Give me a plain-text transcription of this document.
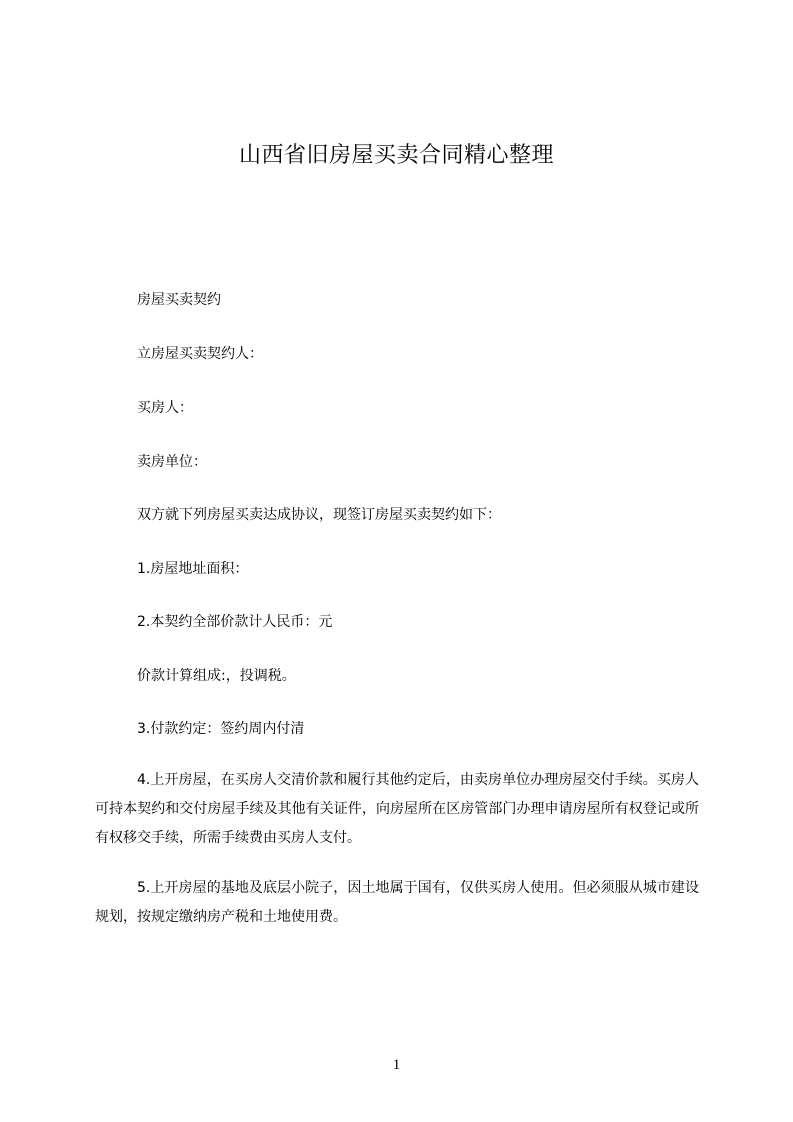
山西省旧房屋买卖合同精心整理
房屋买卖契约
立房屋买卖契约人：
买房人：
卖房单位：
双方就下列房屋买卖达成协议，现签订房屋买卖契约如下：
1.房屋地址面积：
2.本契约全部价款计人民币：元
价款计算组成:，投调税。
3.付款约定：签约周内付清
4.上开房屋，在买房人交清价款和履行其他约定后，由卖房单位办理房屋交付手续。买房人可持本契约和交付房屋手续及其他有关证件，向房屋所在区房管部门办理申请房屋所有权登记或所有权移交手续，所需手续费由买房人支付。
5.上开房屋的基地及底层小院子，因土地属于国有，仅供买房人使用。但必须服从城市建设规划，按规定缴纳房产税和土地使用费。
1
